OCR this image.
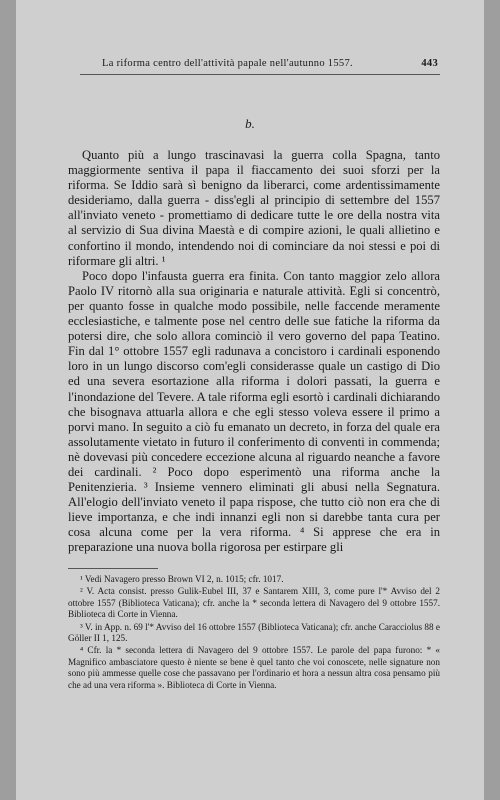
La riforma centro dell'attività papale nell'autunno 1557.	443
b.

Quanto più a lungo trascinavasi la guerra colla Spagna, tanto maggiormente sentiva il papa il fiaccamento dei suoi sforzi per la riforma. Se Iddio sarà sì benigno da liberarci, come ardentissimamente desideriamo, dalla guerra - diss'egli al principio di settembre del 1557 all'inviato veneto - promettiamo di dedicare tutte le ore della nostra vita al servizio di Sua divina Maestà e di compire azioni, le quali allietino e confortino il mondo, intendendo noi di cominciare da noi stessi e poi di riformare gli altri. ¹

Poco dopo l'infausta guerra era finita. Con tanto maggior zelo allora Paolo IV ritornò alla sua originaria e naturale attività. Egli si concentrò, per quanto fosse in qualche modo possibile, nelle faccende meramente ecclesiastiche, e talmente pose nel centro delle sue fatiche la riforma da potersi dire, che solo allora cominciò il vero governo del papa Teatino. Fin dal 1° ottobre 1557 egli radunava a concistoro i cardinali esponendo loro in un lungo discorso com'egli considerasse quale un castigo di Dio ed una severa esortazione alla riforma i dolori passati, la guerra e l'inondazione del Tevere. A tale riforma egli esortò i cardinali dichiarando che bisognava attuarla allora e che egli stesso voleva essere il primo a porvi mano. In seguito a ciò fu emanato un decreto, in forza del quale era assolutamente vietato in futuro il conferimento di conventi in commenda; nè dovevasi più concedere eccezione alcuna al riguardo neanche a favore dei cardinali. ² Poco dopo esperimentò una riforma anche la Penitenzieria. ³ Insieme vennero eliminati gli abusi nella Segnatura. All'elogio dell'inviato veneto il papa rispose, che tutto ciò non era che di lieve importanza, e che indi innanzi egli non si darebbe tanta cura per cosa alcuna come per la vera riforma. ⁴ Si apprese che era in preparazione una nuova bolla rigorosa per estirpare gli

¹ Vedi Navagero presso Brown VI 2, n. 1015; cfr. 1017.

² V. Acta consist. presso Gulik-Eubel III, 37 e Santarem XIII, 3, come pure l'* Avviso del 2 ottobre 1557 (Biblioteca Vaticana); cfr. anche la * seconda lettera di Navagero del 9 ottobre 1557. Biblioteca di Corte in Vienna.

³ V. in App. n. 69 l'* Avviso del 16 ottobre 1557 (Biblioteca Vaticana); cfr. anche Caracciolus 88 e Göller II 1, 125.

⁴ Cfr. la * seconda lettera di Navagero del 9 ottobre 1557. Le parole del papa furono: * « Magnifico ambasciatore questo è niente se bene è quel tanto che voi conoscete, nelle signature non sono più ammesse quelle cose che passavano per l'ordinario et hora a nessun altra cosa pensamo più che ad una vera riforma ». Biblioteca di Corte in Vienna.
